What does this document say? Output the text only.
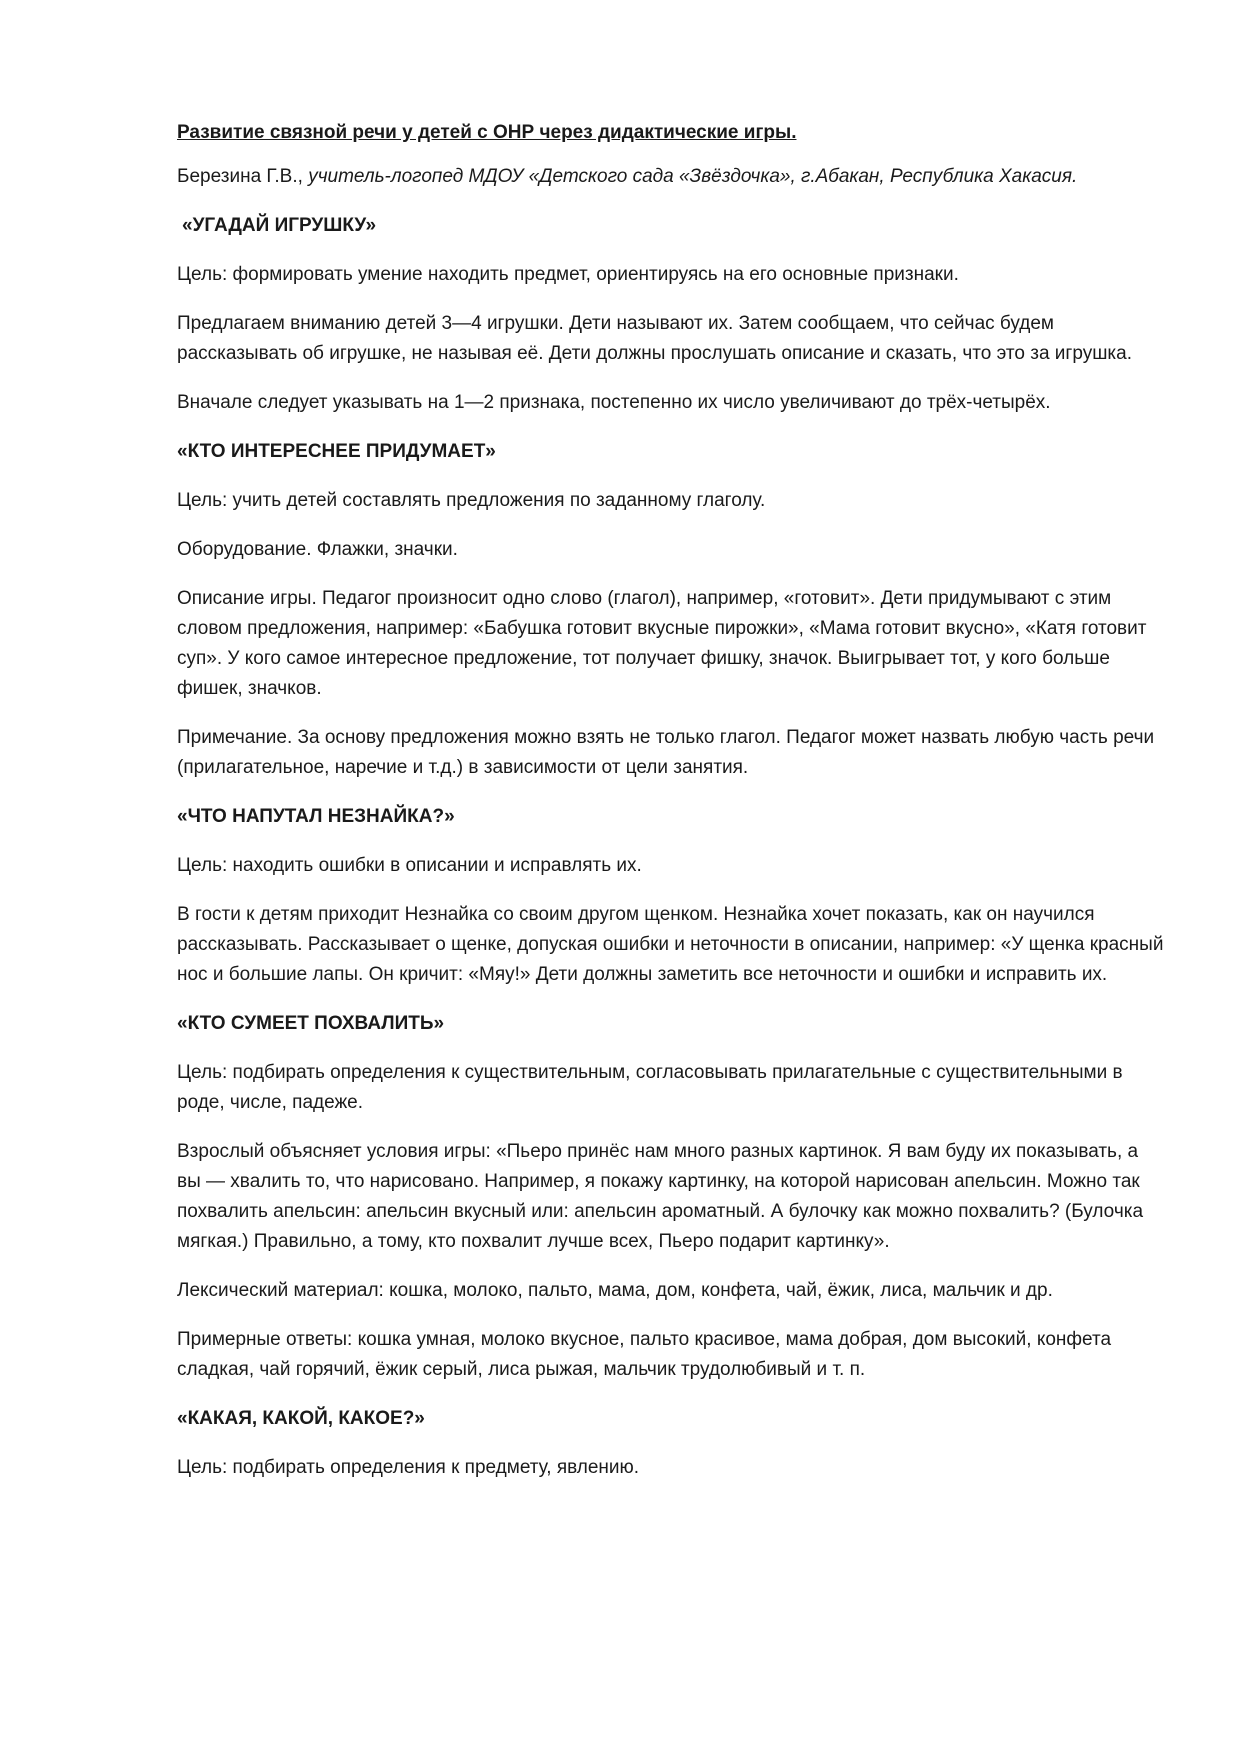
Развитие связной речи у детей с ОНР через дидактические игры.

Березина Г.В., учитель-логопед МДОУ «Детского сада «Звёздочка», г.Абакан, Республика Хакасия.

«УГАДАЙ ИГРУШКУ»

Цель: формировать умение находить предмет, ориентируясь на его основные признаки.

Предлагаем вниманию детей 3—4 игрушки. Дети называют их. Затем сообщаем, что сейчас будем рассказывать об игрушке, не называя её. Дети должны прослушать описание и сказать, что это за игрушка.

Вначале следует указывать на 1—2 признака, постепенно их число увеличивают до трёх-четырёх.

«КТО ИНТЕРЕСНЕЕ ПРИДУМАЕТ»

Цель: учить детей составлять предложения по заданному глаголу.

Оборудование. Флажки, значки.

Описание игры. Педагог произносит одно слово (глагол), например, «готовит». Дети придумывают с этим словом предложения, например: «Бабушка готовит вкусные пирожки», «Мама готовит вкусно», «Катя готовит суп». У кого самое интересное предложение, тот получает фишку, значок. Выигрывает тот, у кого больше фишек, значков.

Примечание. За основу предложения можно взять не только глагол. Педагог может назвать любую часть речи (прилагательное, наречие и т.д.) в зависимости от цели занятия.

«ЧТО НАПУТАЛ НЕЗНАЙКА?»

Цель: находить ошибки в описании и исправлять их.

В гости к детям приходит Незнайка со своим другом щенком. Незнайка хочет показать, как он научился рассказывать. Рассказывает о щенке, допуская ошибки и неточности в описании, например: «У щенка красный нос и большие лапы. Он кричит: «Мяу!» Дети должны заметить все неточности и ошибки и исправить их.

«КТО СУМЕЕТ ПОХВАЛИТЬ»

Цель: подбирать определения к существительным, согласовывать прилагательные с существительными в роде, числе, падеже.

Взрослый объясняет условия игры: «Пьеро принёс нам много разных картинок. Я вам буду их показывать, а вы — хвалить то, что нарисовано. Например, я покажу картинку, на которой нарисован апельсин. Можно так похвалить апельсин: апельсин вкусный или: апельсин ароматный. А булочку как можно похвалить? (Булочка мягкая.) Правильно, а тому, кто похвалит лучше всех, Пьеро подарит картинку».

Лексический материал: кошка, молоко, пальто, мама, дом, конфета, чай, ёжик, лиса, мальчик и др.

Примерные ответы: кошка умная, молоко вкусное, пальто красивое, мама добрая, дом высокий, конфета сладкая, чай горячий, ёжик серый, лиса рыжая, мальчик трудолюбивый и т. п.

«КАКАЯ, КАКОЙ, КАКОЕ?»

Цель: подбирать определения к предмету, явлению.
